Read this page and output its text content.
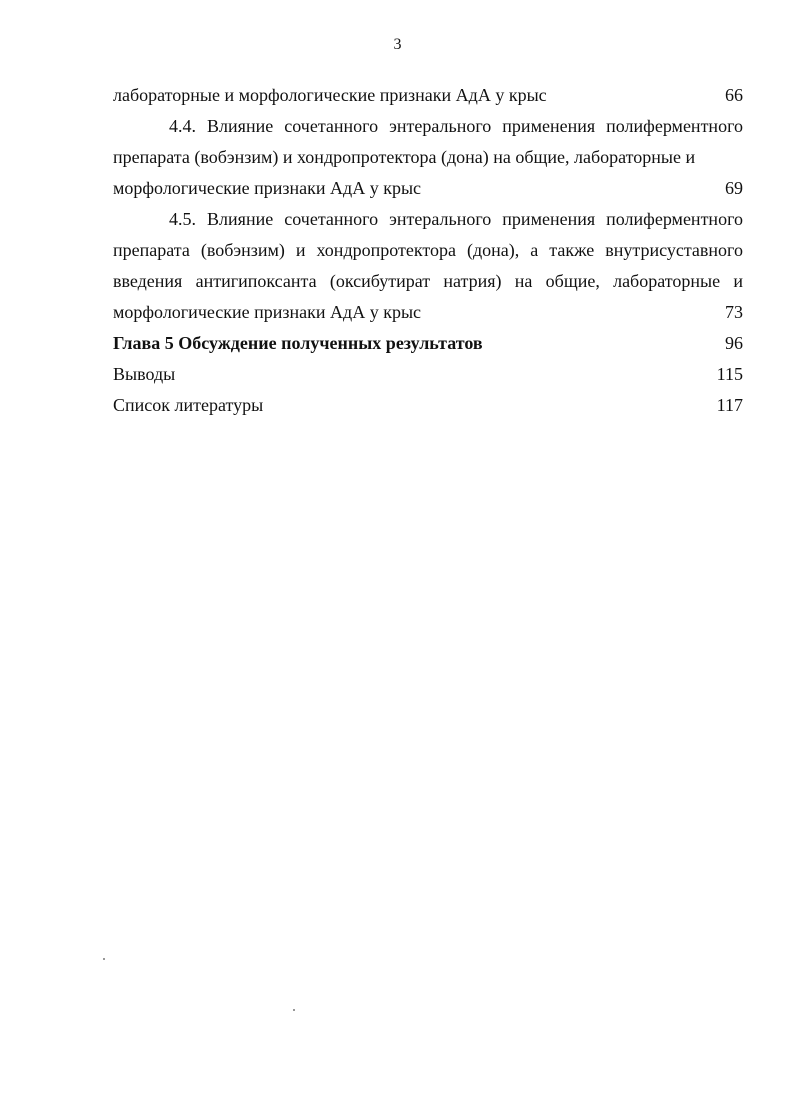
3
лабораторные и морфологические признаки АдА у крыс	66
4.4. Влияние сочетанного энтерального применения полиферментного
препарата (вобэнзим) и хондропротектора (дона) на общие, лабораторные и
морфологические признаки АдА у крыс	69
4.5. Влияние сочетанного энтерального применения полиферментного
препарата (вобэнзим) и хондропротектора (дона), а также внутрисуставного
введения антигипоксанта (оксибутират натрия) на общие, лабораторные и
морфологические признаки АдА у крыс	73
Глава 5 Обсуждение полученных результатов	96
Выводы	115
Список литературы	117
